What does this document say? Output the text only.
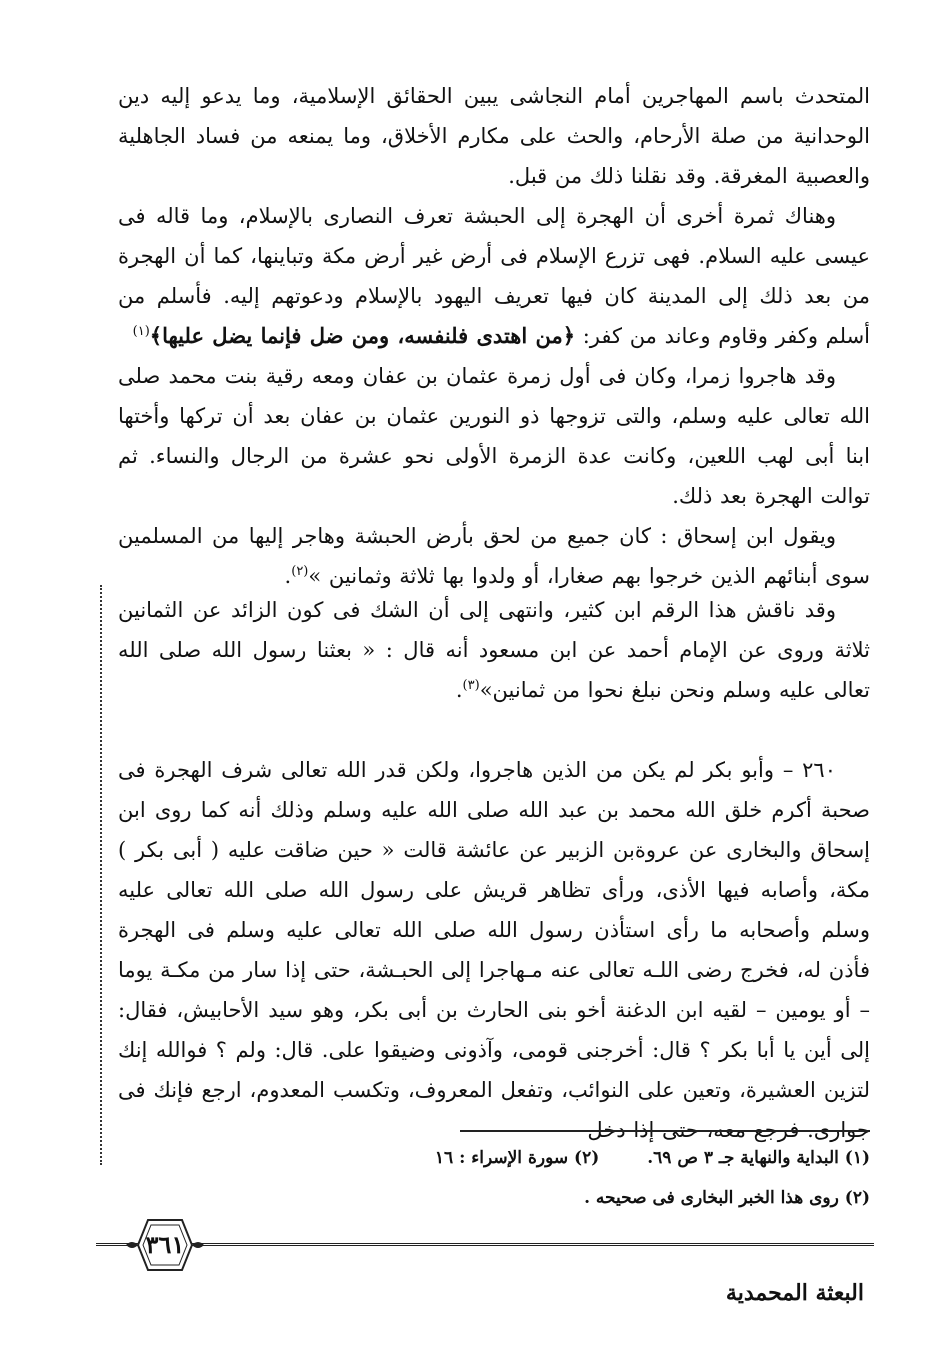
المتحدث باسم المهاجرين أمام النجاشى يبين الحقائق الإسلامية، وما يدعو إليه دين الوحدانية من صلة الأرحام، والحث على مكارم الأخلاق، وما يمنعه من فساد الجاهلية والعصبية المغرقة. وقد نقلنا ذلك من قبل.

وهناك ثمرة أخرى أن الهجرة إلى الحبشة تعرف النصارى بالإسلام، وما قاله فى عيسى عليه السلام. فهى تزرع الإسلام فى أرض غير أرض مكة وتباينها، كما أن الهجرة من بعد ذلك إلى المدينة كان فيها تعريف اليهود بالإسلام ودعوتهم إليه. فأسلم من أسلم وكفر وقاوم وعاند من كفر: ﴿من اهتدى فلنفسه، ومن ضل فإنما يضل عليها﴾$^{(١)}$

وقد هاجروا زمرا، وكان فى أول زمرة عثمان بن عفان ومعه رقية بنت محمد صلى الله تعالى عليه وسلم، والتى تزوجها ذو النورين عثمان بن عفان بعد أن تركها وأختها ابنا أبى لهب اللعين، وكانت عدة الزمرة الأولى نحو عشرة من الرجال والنساء. ثم توالت الهجرة بعد ذلك.

ويقول ابن إسحاق : كان جميع من لحق بأرض الحبشة وهاجر إليها من المسلمين سوى أبنائهم الذين خرجوا بهم صغارا، أو ولدوا بها ثلاثة وثمانين »$^{(٢)}$.

وقد ناقش هذا الرقم ابن كثير، وانتهى إلى أن الشك فى كون الزائد عن الثمانين ثلاثة وروى عن الإمام أحمد عن ابن مسعود أنه قال : « بعثنا رسول الله صلى الله تعالى عليه وسلم ونحن نبلغ نحوا من ثمانين»$^{(٣)}$.

٢٦٠ – وأبو بكر لم يكن من الذين هاجروا، ولكن قدر الله تعالى شرف الهجرة فى صحبة أكرم خلق الله محمد بن عبد الله صلى الله عليه وسلم وذلك أنه كما روى ابن إسحاق والبخارى عن عروةبن الزبير عن عائشة قالت « حين ضاقت عليه ( أبى بكر ) مكة، وأصابه فيها الأذى، ورأى تظاهر قريش على رسول الله صلى الله تعالى عليه وسلم وأصحابه ما رأى استأذن رسول الله صلى الله تعالى عليه وسلم فى الهجرة فأذن له، فخرج رضى اللـه تعالى عنه مـهاجرا إلى الحبـشة، حتى إذا سار من مكـة يوما – أو يومين – لقيه ابن الدغنة أخو بنى الحارث بن أبى بكر، وهو سيد الأحابيش، فقال: إلى أين يا أبا بكر ؟ قال: أخرجنى قومى، وآذونى وضيقوا على. قال: ولم ؟ فوالله إنك لتزين العشيرة، وتعين على النوائب، وتفعل المعروف، وتكسب المعدوم، ارجع فإنك فى جوارى. فرجع معه، حتى إذا دخل

(١) البداية والنهاية جـ ٣ ص ٦٩.
(٢) سورة الإسراء : ١٦
(٢) روى هذا الخبر البخارى فى صحيحه .
٣٦١
البعثة المحمدية
